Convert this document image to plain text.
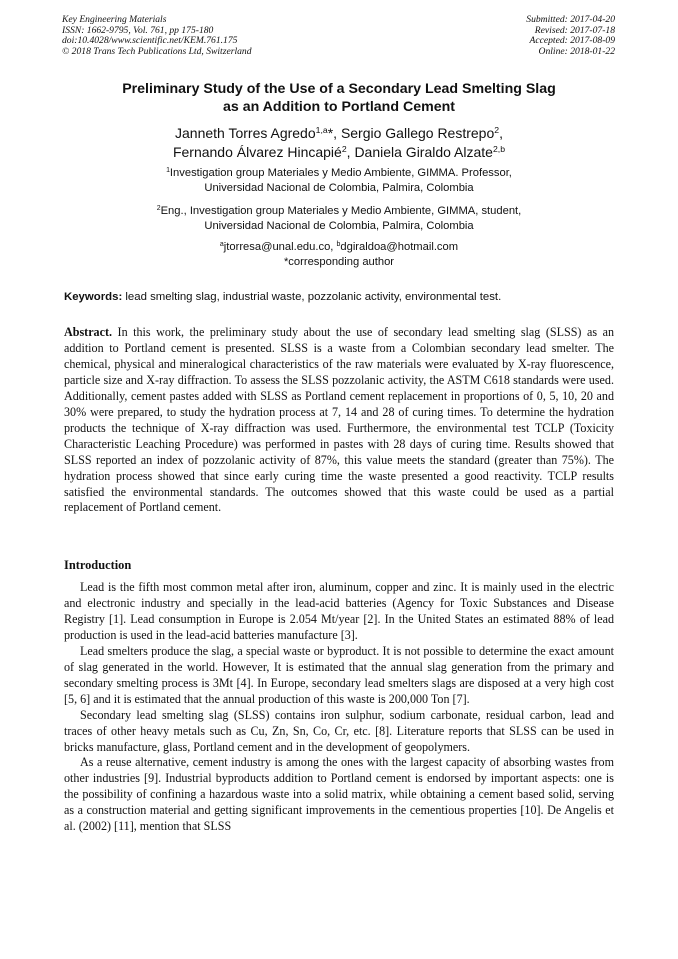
Key Engineering Materials
ISSN: 1662-9795, Vol. 761, pp 175-180
doi:10.4028/www.scientific.net/KEM.761.175
© 2018 Trans Tech Publications Ltd, Switzerland
Submitted: 2017-04-20
Revised: 2017-07-18
Accepted: 2017-08-09
Online: 2018-01-22
Preliminary Study of the Use of a Secondary Lead Smelting Slag
as an Addition to Portland Cement
Janneth Torres Agredo$^{1,a}$*, Sergio Gallego Restrepo$^2$,
Fernando Álvarez Hincapié$^2$, Daniela Giraldo Alzate$^{2,b}$
$^1$Investigation group Materiales y Medio Ambiente, GIMMA. Professor,
Universidad Nacional de Colombia, Palmira, Colombia
$^2$Eng., Investigation group Materiales y Medio Ambiente, GIMMA, student,
Universidad Nacional de Colombia, Palmira, Colombia
$^a$jtorresa@unal.edu.co, $^b$dgiraldoa@hotmail.com
*corresponding author
Keywords: lead smelting slag, industrial waste, pozzolanic activity, environmental test.

Abstract. In this work, the preliminary study about the use of secondary lead smelting slag (SLSS) as an addition to Portland cement is presented. SLSS is a waste from a Colombian secondary lead smelter. The chemical, physical and mineralogical characteristics of the raw materials were evaluated by X-ray fluorescence, particle size and X-ray diffraction. To assess the SLSS pozzolanic activity, the ASTM C618 standards were used. Additionally, cement pastes added with SLSS as Portland cement replacement in proportions of 0, 5, 10, 20 and 30% were prepared, to study the hydration process at 7, 14 and 28 of curing times. To determine the hydration products the technique of X-ray diffraction was used. Furthermore, the environmental test TCLP (Toxicity Characteristic Leaching Procedure) was performed in pastes with 28 days of curing time. Results showed that SLSS reported an index of pozzolanic activity of 87%, this value meets the standard (greater than 75%). The hydration process showed that since early curing time the waste presented a good reactivity. TCLP results satisfied the environmental standards. The outcomes showed that this waste could be used as a partial replacement of Portland cement.

Introduction

Lead is the fifth most common metal after iron, aluminum, copper and zinc. It is mainly used in the electric and electronic industry and specially in the lead-acid batteries (Agency for Toxic Substances and Disease Registry [1]. Lead consumption in Europe is 2.054 Mt/year [2]. In the United States an estimated 88% of lead production is used in the lead-acid batteries manufacture [3].

Lead smelters produce the slag, a special waste or byproduct. It is not possible to determine the exact amount of slag generated in the world. However, It is estimated that the annual slag generation from the primary and secondary smelting process is 3Mt [4]. In Europe, secondary lead smelters slags are disposed at a very high cost [5, 6] and it is estimated that the annual production of this waste is 200,000 Ton [7].

Secondary lead smelting slag (SLSS) contains iron sulphur, sodium carbonate, residual carbon, lead and traces of other heavy metals such as Cu, Zn, Sn, Co, Cr, etc. [8]. Literature reports that SLSS can be used in bricks manufacture, glass, Portland cement and in the development of geopolymers.

As a reuse alternative, cement industry is among the ones with the largest capacity of absorbing wastes from other industries [9]. Industrial byproducts addition to Portland cement is endorsed by important aspects: one is the possibility of confining a hazardous waste into a solid matrix, while obtaining a cement based solid, serving as a construction material and getting significant improvements in the cementious properties [10]. De Angelis et al. (2002) [11], mention that SLSS
